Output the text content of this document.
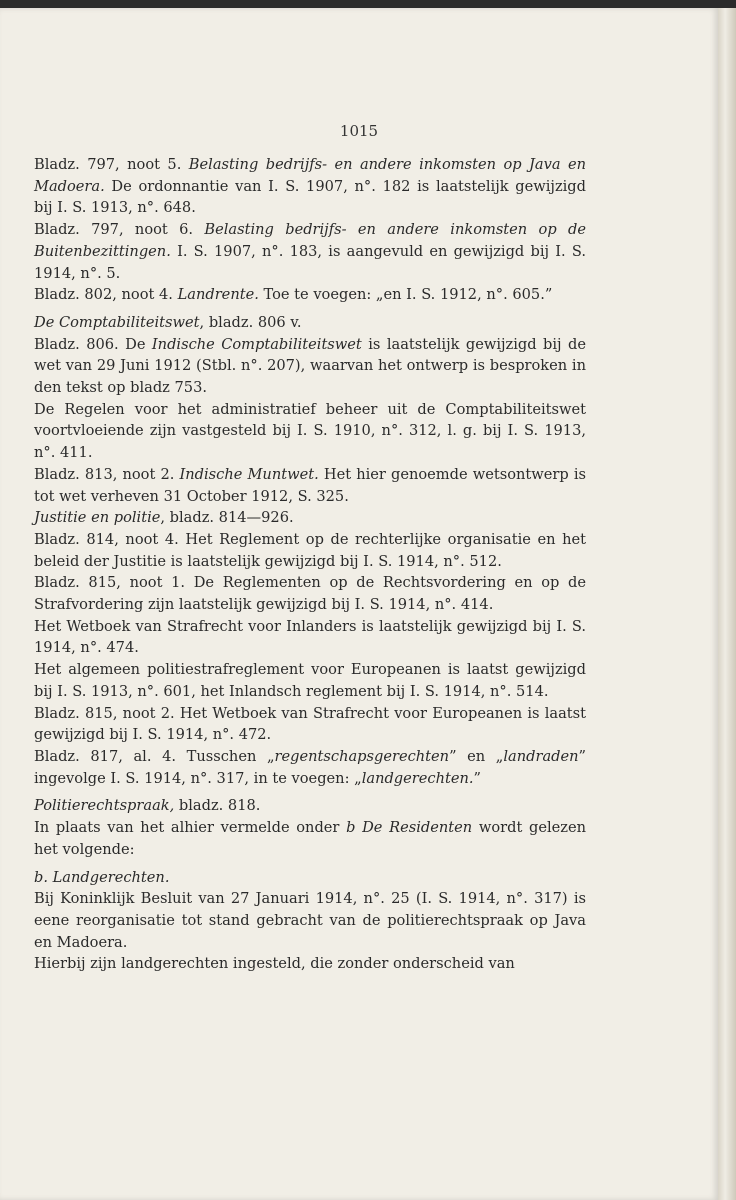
1015

Bladz. 797, noot 5. Belasting bedrijfs- en andere inkomsten op Java en Madoera. De ordonnantie van I. S. 1907, n°. 182 is laatstelijk gewijzigd bij I. S. 1913, n°. 648.

Bladz. 797, noot 6. Belasting bedrijfs- en andere inkomsten op de Buitenbezittingen. I. S. 1907, n°. 183, is aangevuld en gewijzigd bij I. S. 1914, n°. 5.

Bladz. 802, noot 4. Landrente. Toe te voegen: „en I. S. 1912, n°. 605.”

De Comptabiliteitswet, bladz. 806 v.

Bladz. 806. De Indische Comptabiliteitswet is laatstelijk gewijzigd bij de wet van 29 Juni 1912 (Stbl. n°. 207), waarvan het ontwerp is besproken in den tekst op bladz 753.

De Regelen voor het administratief beheer uit de Comptabiliteitswet voortvloeiende zijn vastgesteld bij I. S. 1910, n°. 312, l. g. bij I. S. 1913, n°. 411.

Bladz. 813, noot 2. Indische Muntwet. Het hier genoemde wetsontwerp is tot wet verheven 31 October 1912, S. 325.

Justitie en politie, bladz. 814—926.

Bladz. 814, noot 4. Het Reglement op de rechterlijke organisatie en het beleid der Justitie is laatstelijk gewijzigd bij I. S. 1914, n°. 512.

Bladz. 815, noot 1. De Reglementen op de Rechtsvordering en op de Strafvordering zijn laatstelijk gewijzigd bij I. S. 1914, n°. 414.

Het Wetboek van Strafrecht voor Inlanders is laatstelijk gewijzigd bij I. S. 1914, n°. 474.

Het algemeen politiestrafreglement voor Europeanen is laatst gewijzigd bij I. S. 1913, n°. 601, het Inlandsch reglement bij I. S. 1914, n°. 514.

Bladz. 815, noot 2. Het Wetboek van Strafrecht voor Europeanen is laatst gewijzigd bij I. S. 1914, n°. 472.

Bladz. 817, al. 4. Tusschen „regentschapsgerechten” en „landraden” ingevolge I. S. 1914, n°. 317, in te voegen: „landgerechten.”

Politierechtspraak, bladz. 818.

In plaats van het alhier vermelde onder b De Residenten wordt gelezen het volgende:

b. Landgerechten.

Bij Koninklijk Besluit van 27 Januari 1914, n°. 25 (I. S. 1914, n°. 317) is eene reorganisatie tot stand gebracht van de politierechtspraak op Java en Madoera.

Hierbij zijn landgerechten ingesteld, die zonder onderscheid van
